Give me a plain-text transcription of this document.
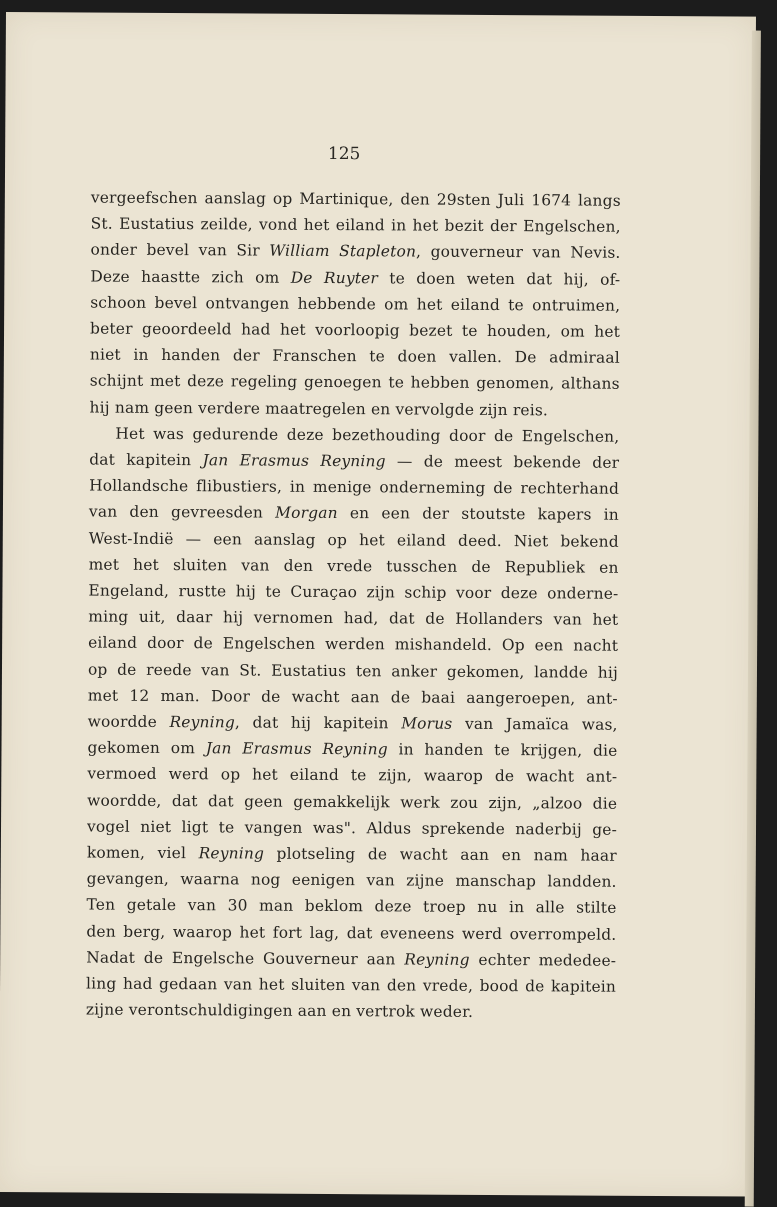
125

vergeefschen aanslag op Martinique, den 29sten Juli 1674 langs
St. Eustatius zeilde, vond het eiland in het bezit der Engelschen,
onder bevel van Sir William Stapleton, gouverneur van Nevis.
Deze haastte zich om De Ruyter te doen weten dat hij, of-
schoon bevel ontvangen hebbende om het eiland te ontruimen,
beter geoordeeld had het voorloopig bezet te houden, om het
niet in handen der Franschen te doen vallen. De admiraal
schijnt met deze regeling genoegen te hebben genomen, althans
hij nam geen verdere maatregelen en vervolgde zijn reis.
Het was gedurende deze bezethouding door de Engelschen,
dat kapitein Jan Erasmus Reyning — de meest bekende der
Hollandsche flibustiers, in menige onderneming de rechterhand
van den gevreesden Morgan en een der stoutste kapers in
West-Indië — een aanslag op het eiland deed. Niet bekend
met het sluiten van den vrede tusschen de Republiek en
Engeland, rustte hij te Curaçao zijn schip voor deze onderne-
ming uit, daar hij vernomen had, dat de Hollanders van het
eiland door de Engelschen werden mishandeld. Op een nacht
op de reede van St. Eustatius ten anker gekomen, landde hij
met 12 man. Door de wacht aan de baai aangeroepen, ant-
woordde Reyning, dat hij kapitein Morus van Jamaïca was,
gekomen om Jan Erasmus Reyning in handen te krijgen, die
vermoed werd op het eiland te zijn, waarop de wacht ant-
woordde, dat dat geen gemakkelijk werk zou zijn, „alzoo die
vogel niet ligt te vangen was". Aldus sprekende naderbij ge-
komen, viel Reyning plotseling de wacht aan en nam haar
gevangen, waarna nog eenigen van zijne manschap landden.
Ten getale van 30 man beklom deze troep nu in alle stilte
den berg, waarop het fort lag, dat eveneens werd overrompeld.
Nadat de Engelsche Gouverneur aan Reyning echter mededee-
ling had gedaan van het sluiten van den vrede, bood de kapitein
zijne verontschuldigingen aan en vertrok weder.
